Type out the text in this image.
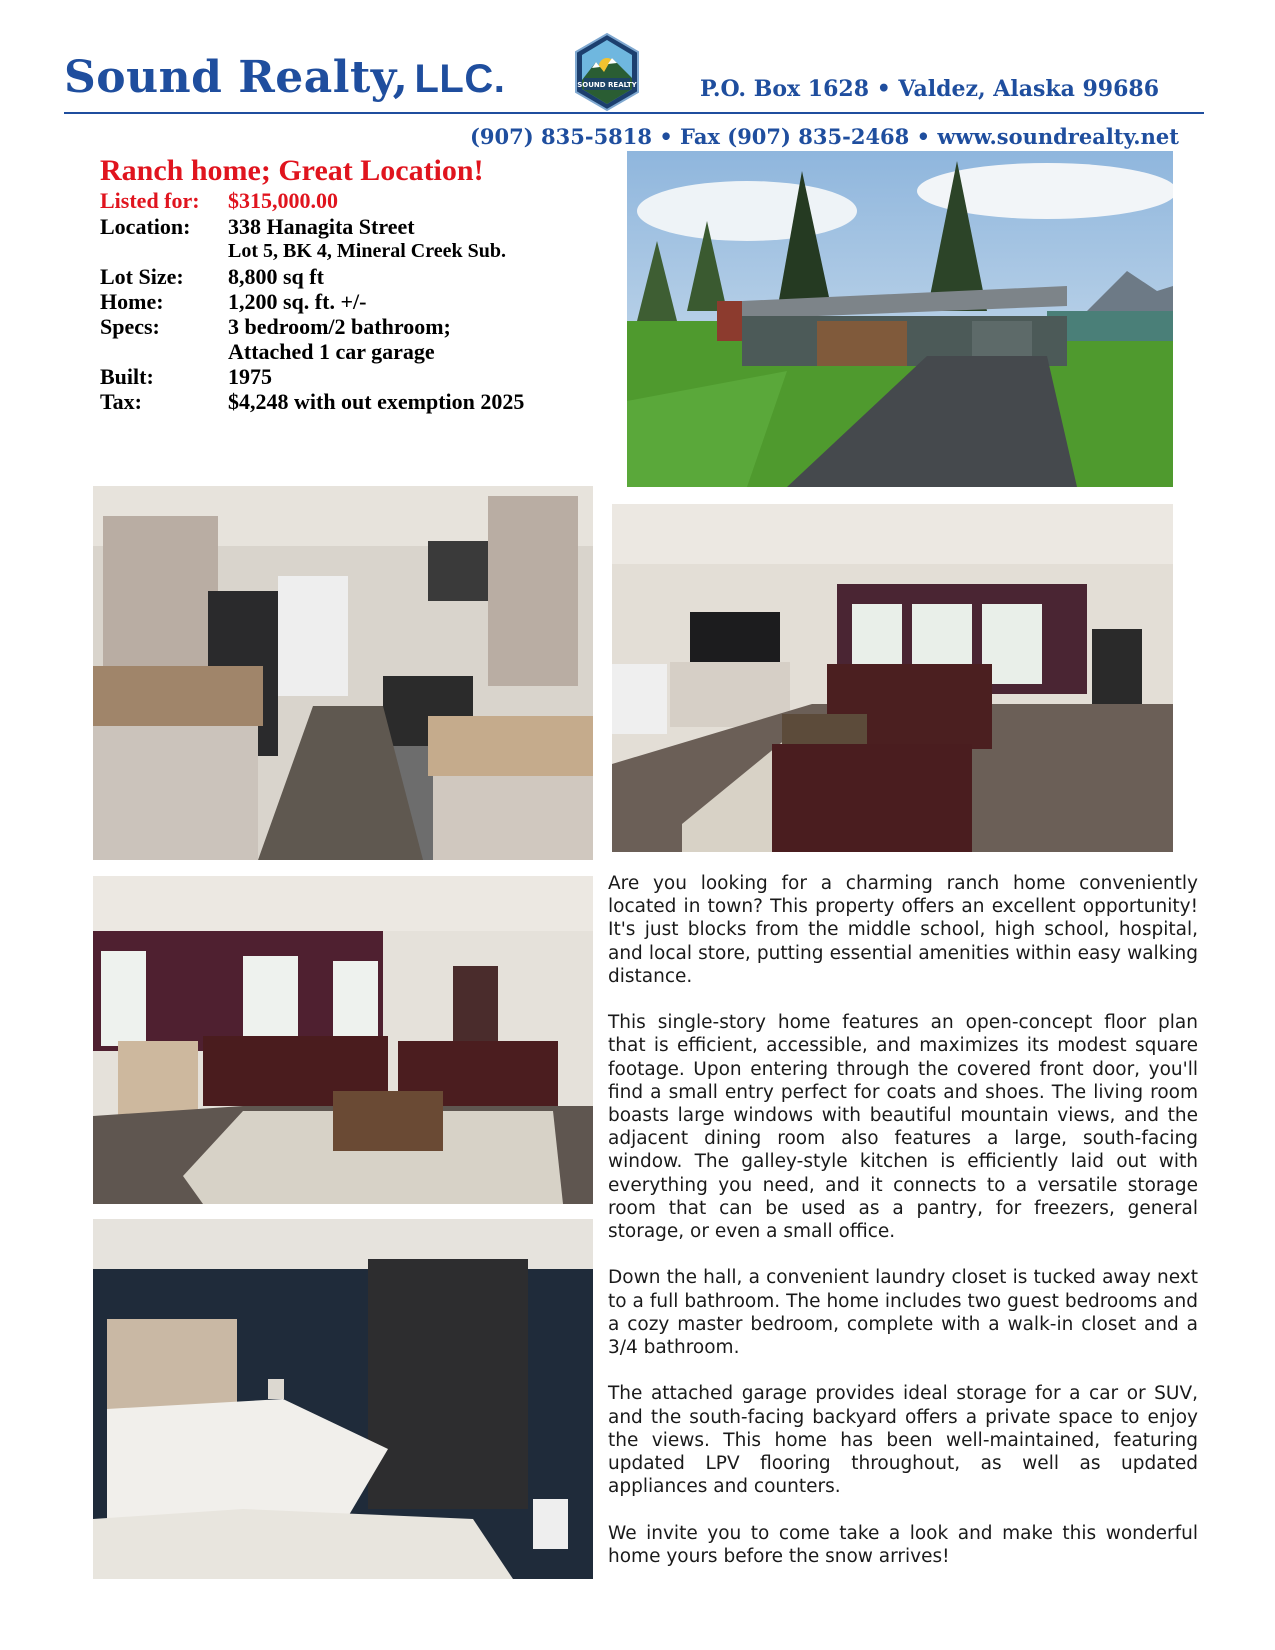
Sound Realty, LLC.	SOUND REALTY	P.O. Box 1628 • Valdez, Alaska 99686
(907) 835-5818 • Fax (907) 835-2468 • www.soundrealty.net
Ranch home; Great Location!
Listed for: $315,000.00
Location: 338 Hanagita Street
Lot 5, BK 4, Mineral Creek Sub.
Lot Size: 8,800 sq ft
Home:	1,200 sq. ft. +/-
Specs:	3 bedroom/2 bathroom;
Attached 1 car garage
Built:	1975
Tax:	$4,248 with out exemption 2025

Are you looking for a charming ranch home conveniently located in town? This property offers an excellent opportunity! It's just blocks from the middle school, high school, hospital, and local store, putting essential amenities within easy walking distance.

This single-story home features an open-concept floor plan that is efficient, accessible, and maximizes its modest square footage. Upon entering through the covered front door, you'll find a small entry perfect for coats and shoes. The living room boasts large windows with beautiful mountain views, and the adjacent dining room also features a large, south-facing window. The galley-style kitchen is efficiently laid out with everything you need, and it connects to a versatile storage room that can be used as a pantry, for freezers, general storage, or even a small office.

Down the hall, a convenient laundry closet is tucked away next to a full bathroom. The home includes two guest bedrooms and a cozy master bedroom, complete with a walk-in closet and a 3/4 bathroom.

The attached garage provides ideal storage for a car or SUV, and the south-facing backyard offers a private space to enjoy the views. This home has been well-maintained, featuring updated LPV flooring throughout, as well as updated appliances and counters.

We invite you to come take a look and make this wonderful home yours before the snow arrives!
